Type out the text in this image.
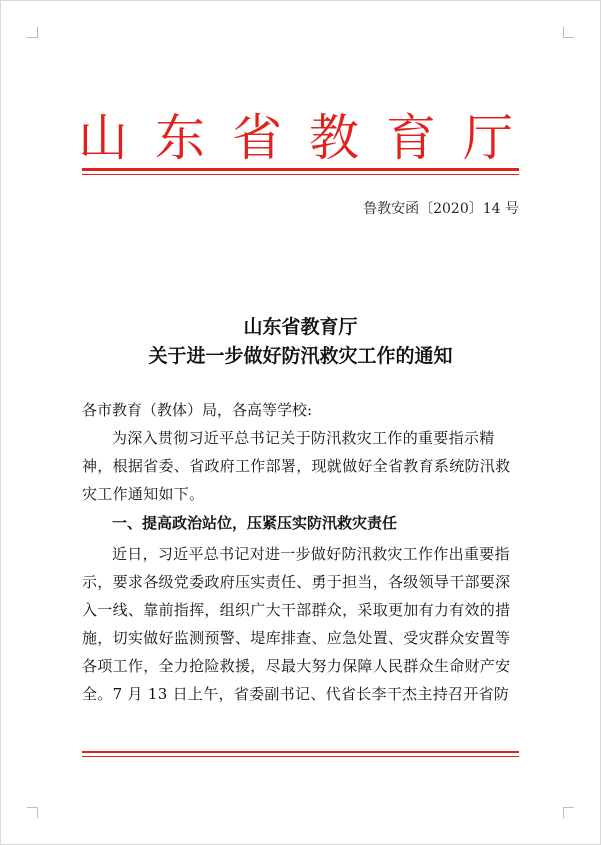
山东省教育厅
鲁教安函〔2020〕14 号
山东省教育厅
关于进一步做好防汛救灾工作的通知
各市教育（教体）局，各高等学校:
为深入贯彻习近平总书记关于防汛救灾工作的重要指示精神，根据省委、省政府工作部署，现就做好全省教育系统防汛救灾工作通知如下。
一、提高政治站位，压紧压实防汛救灾责任
近日，习近平总书记对进一步做好防汛救灾工作作出重要指示，要求各级党委政府压实责任、勇于担当，各级领导干部要深入一线、靠前指挥，组织广大干部群众，采取更加有力有效的措施，切实做好监测预警、堤库排查、应急处置、受灾群众安置等各项工作，全力抢险救援，尽最大努力保障人民群众生命财产安全。7 月 13 日上午，省委副书记、代省长李干杰主持召开省防
